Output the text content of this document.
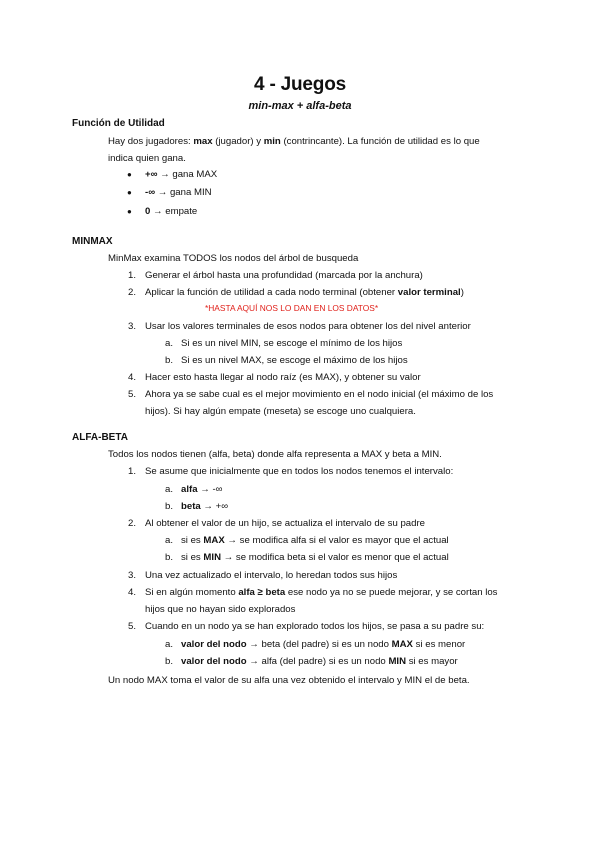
4 - Juegos
min-max + alfa-beta
Función de Utilidad
Hay dos jugadores: max (jugador) y min (contrincante). La función de utilidad es lo que
indica quien gana.
● +∞ → gana MAX
● -∞ → gana MIN
● 0 → empate
MINMAX
MinMax examina TODOS los nodos del árbol de busqueda
1. Generar el árbol hasta una profundidad (marcada por la anchura)
2. Aplicar la función de utilidad a cada nodo terminal (obtener valor terminal)
*HASTA AQUÍ NOS LO DAN EN LOS DATOS*
3. Usar los valores terminales de esos nodos para obtener los del nivel anterior
a. Si es un nivel MIN, se escoge el mínimo de los hijos
b. Si es un nivel MAX, se escoge el máximo de los hijos
4. Hacer esto hasta llegar al nodo raíz (es MAX), y obtener su valor
5. Ahora ya se sabe cual es el mejor movimiento en el nodo inicial (el máximo de los
hijos). Si hay algún empate (meseta) se escoge uno cualquiera.
ALFA-BETA
Todos los nodos tienen (alfa, beta) donde alfa representa a MAX y beta a MIN.
1. Se asume que inicialmente que en todos los nodos tenemos el intervalo:
a. alfa → -∞
b. beta → +∞
2. Al obtener el valor de un hijo, se actualiza el intervalo de su padre
a. si es MAX → se modifica alfa si el valor es mayor que el actual
b. si es MIN → se modifica beta si el valor es menor que el actual
3. Una vez actualizado el intervalo, lo heredan todos sus hijos
4. Si en algún momento alfa ≥ beta ese nodo ya no se puede mejorar, y se cortan los
hijos que no hayan sido explorados
5. Cuando en un nodo ya se han explorado todos los hijos, se pasa a su padre su:
a. valor del nodo → beta (del padre) si es un nodo MAX si es menor
b. valor del nodo → alfa (del padre) si es un nodo MIN si es mayor
Un nodo MAX toma el valor de su alfa una vez obtenido el intervalo y MIN el de beta.
